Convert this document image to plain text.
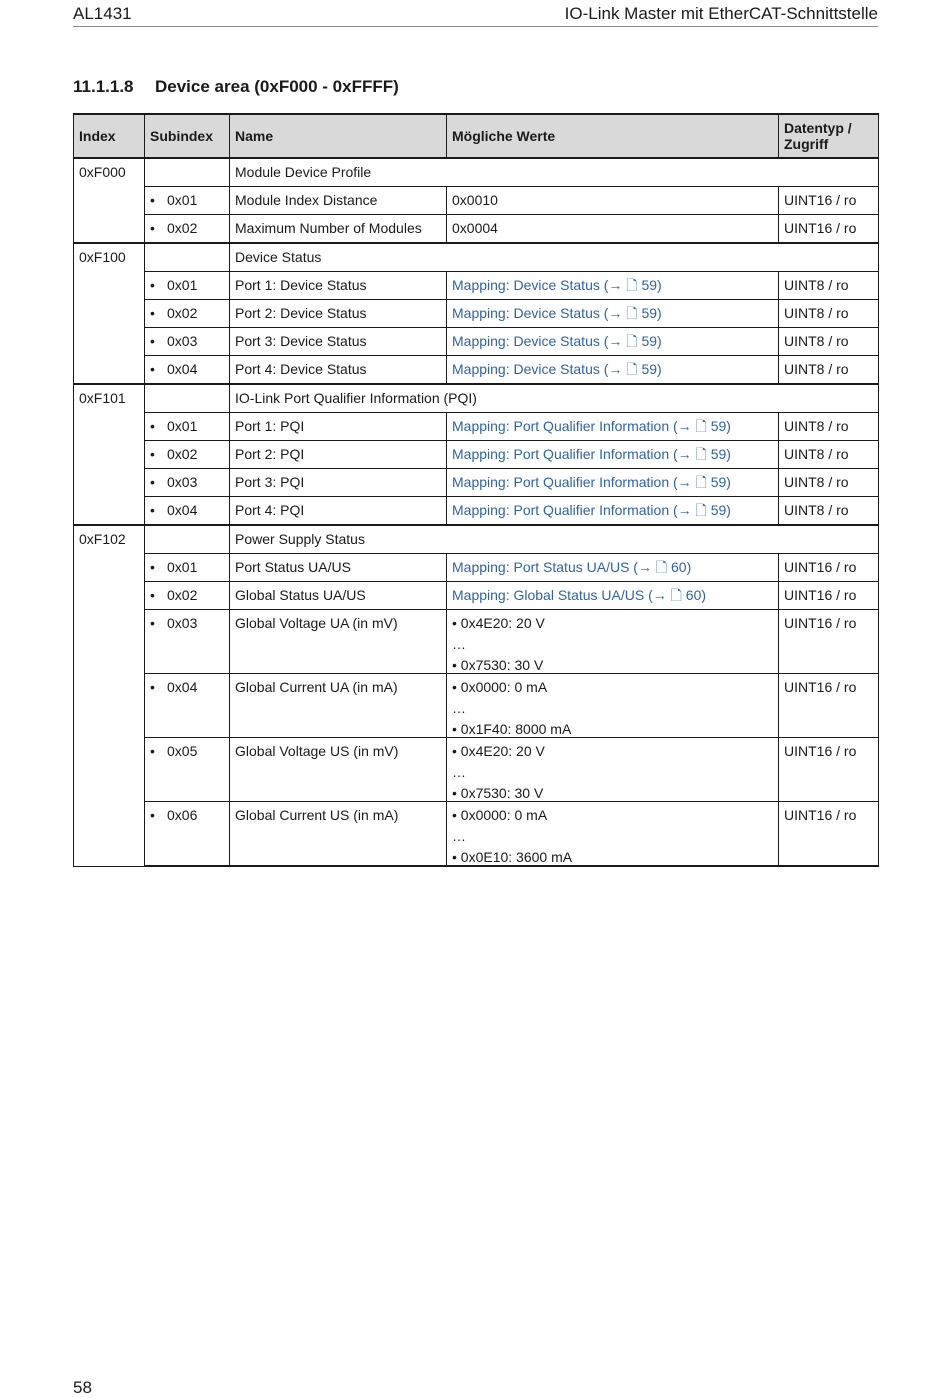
AL1431	IO-Link Master mit EtherCAT-Schnittstelle
11.1.1.8 Device area (0xF000 - 0xFFFF)
Index	Subindex	Name	Mögliche Werte	Datentyp / Zugriff
0xF000		Module Device Profile		
	• 0x01	Module Index Distance	0x0010	UINT16 / ro
	• 0x02	Maximum Number of Modules	0x0004	UINT16 / ro
0xF100		Device Status		
	• 0x01	Port 1: Device Status	Mapping: Device Status (→ 🗋 59)	UINT8 / ro
	• 0x02	Port 2: Device Status	Mapping: Device Status (→ 🗋 59)	UINT8 / ro
	• 0x03	Port 3: Device Status	Mapping: Device Status (→ 🗋 59)	UINT8 / ro
	• 0x04	Port 4: Device Status	Mapping: Device Status (→ 🗋 59)	UINT8 / ro
0xF101		IO-Link Port Qualifier Information (PQI)		
	• 0x01	Port 1: PQI	Mapping: Port Qualifier Information (→ 🗋 59)	UINT8 / ro
	• 0x02	Port 2: PQI	Mapping: Port Qualifier Information (→ 🗋 59)	UINT8 / ro
	• 0x03	Port 3: PQI	Mapping: Port Qualifier Information (→ 🗋 59)	UINT8 / ro
	• 0x04	Port 4: PQI	Mapping: Port Qualifier Information (→ 🗋 59)	UINT8 / ro
0xF102		Power Supply Status		
	• 0x01	Port Status UA/US	Mapping: Port Status UA/US (→ 🗋 60)	UINT16 / ro
	• 0x02	Global Status UA/US	Mapping: Global Status UA/US (→ 🗋 60)	UINT16 / ro
	• 0x03	Global Voltage UA (in mV)	• 0x4E20: 20 V
…
• 0x7530: 30 V	UINT16 / ro
	• 0x04	Global Current UA (in mA)	• 0x0000: 0 mA
…
• 0x1F40: 8000 mA	UINT16 / ro
	• 0x05	Global Voltage US (in mV)	• 0x4E20: 20 V
…
• 0x7530: 30 V	UINT16 / ro
	• 0x06	Global Current US (in mA)	• 0x0000: 0 mA
…
• 0x0E10: 3600 mA	UINT16 / ro
58
